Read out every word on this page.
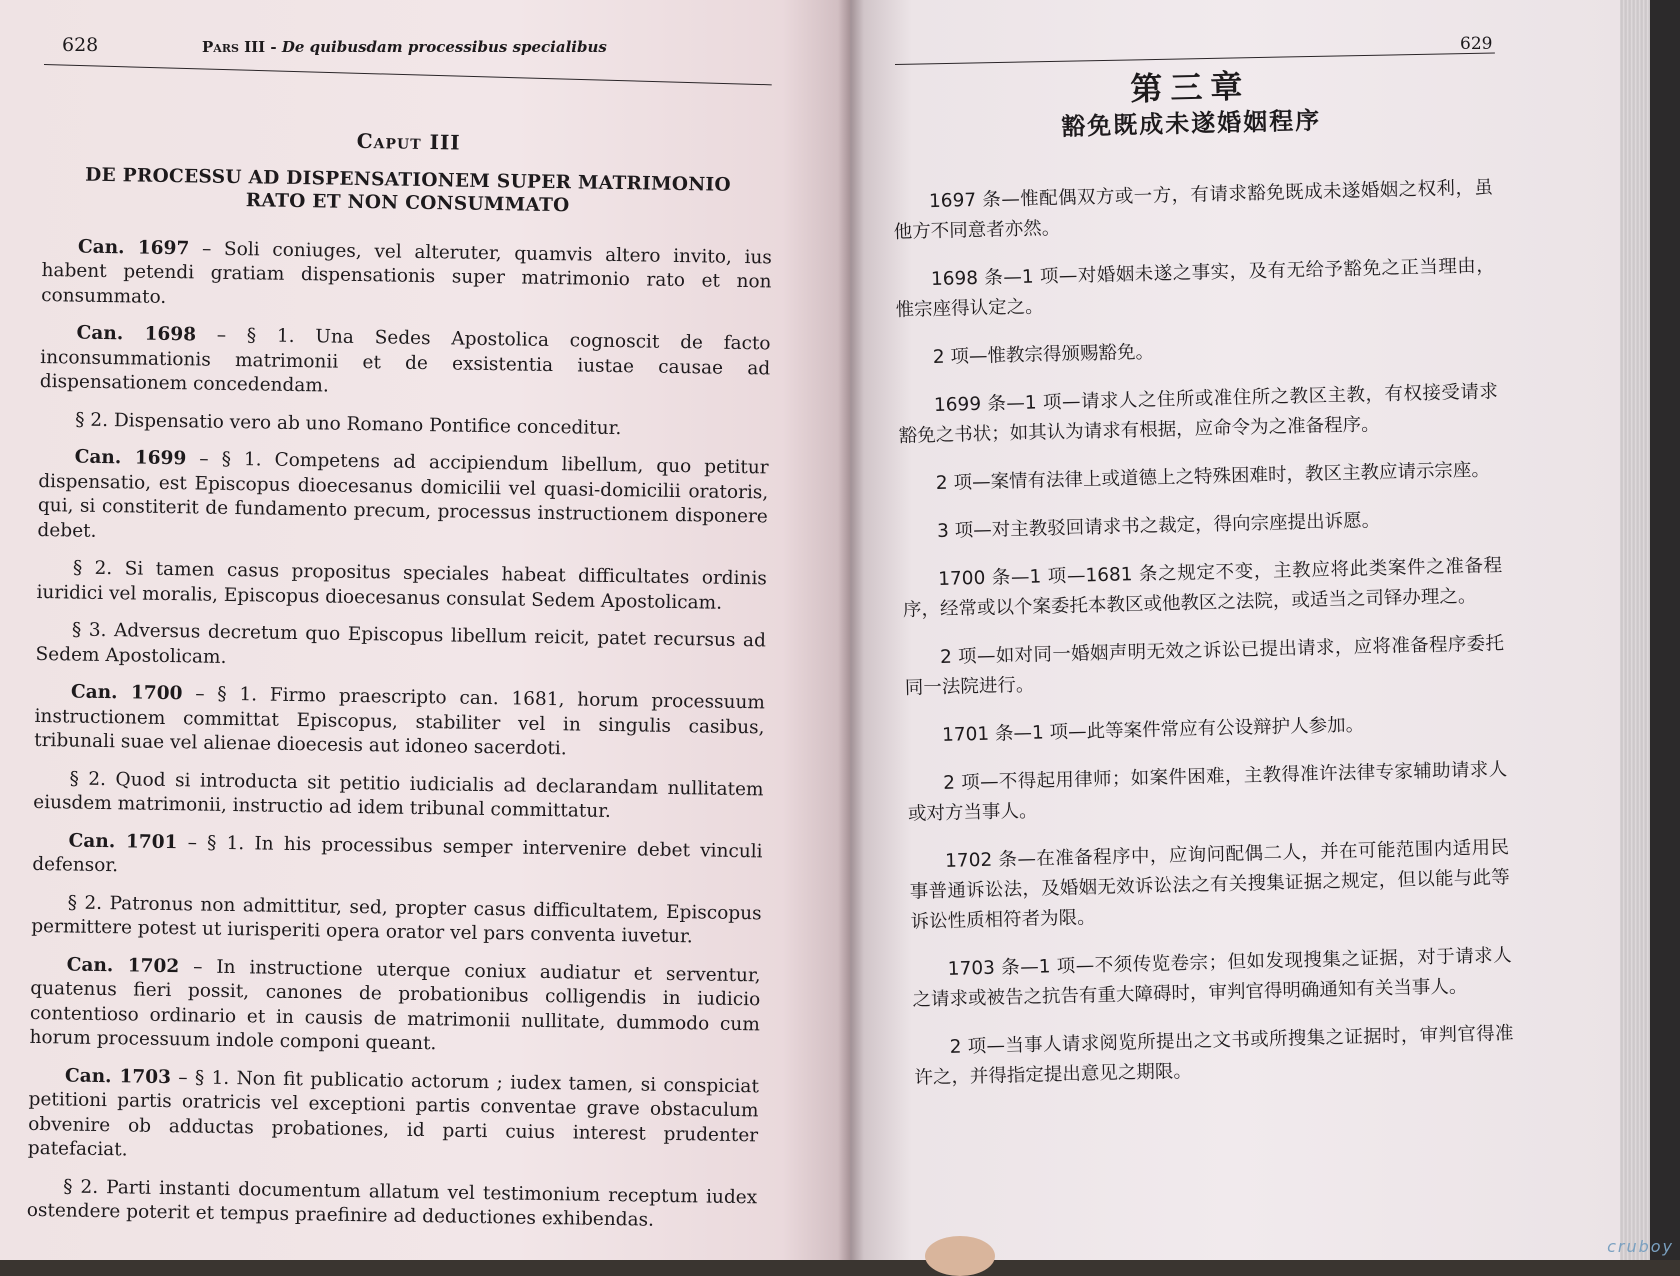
628	Pars III - De quibusdam processibus specialibus
Caput III
DE PROCESSU AD DISPENSATIONEM SUPER MATRIMONIO
RATO ET NON CONSUMMATO
Can. 1697 – Soli coniuges, vel alteruter, quamvis altero invito, ius habent petendi gratiam dispensationis super matrimonio rato et non consummato.
Can. 1698 – § 1. Una Sedes Apostolica cognoscit de facto inconsummationis matrimonii et de exsistentia iustae causae ad dispensationem concedendam.
§ 2. Dispensatio vero ab uno Romano Pontifice conceditur.
Can. 1699 – § 1. Competens ad accipiendum libellum, quo petitur dispensatio, est Episcopus dioecesanus domicilii vel quasi-domicilii oratoris, qui, si constiterit de fundamento precum, processus instructionem disponere debet.
§ 2. Si tamen casus propositus speciales habeat difficultates ordinis iuridici vel moralis, Episcopus dioecesanus consulat Sedem Apostolicam.
§ 3. Adversus decretum quo Episcopus libellum reicit, patet recursus ad Sedem Apostolicam.
Can. 1700 – § 1. Firmo praescripto can. 1681, horum processuum instructionem committat Episcopus, stabiliter vel in singulis casibus, tribunali suae vel alienae dioecesis aut idoneo sacerdoti.
§ 2. Quod si introducta sit petitio iudicialis ad declarandam nullitatem eiusdem matrimonii, instructio ad idem tribunal committatur.
Can. 1701 – § 1. In his processibus semper intervenire debet vinculi defensor.
§ 2. Patronus non admittitur, sed, propter casus difficultatem, Episcopus permittere potest ut iurisperiti opera orator vel pars conventa iuvetur.
Can. 1702 – In instructione uterque coniux audiatur et serventur, quatenus fieri possit, canones de probationibus colligendis in iudicio contentioso ordinario et in causis de matrimonii nullitate, dummodo cum horum processuum indole componi queant.
Can. 1703 – § 1. Non fit publicatio actorum ; iudex tamen, si conspiciat petitioni partis oratricis vel exceptioni partis conventae grave obstaculum obvenire ob adductas probationes, id parti cuius interest prudenter patefaciat.
§ 2. Parti instanti documentum allatum vel testimonium receptum iudex ostendere poterit et tempus praefinire ad deductiones exhibendas.
629
第三章
豁免既成未遂婚姻程序
1697 条—惟配偶双方或一方，有请求豁免既成未遂婚姻之权利，虽他方不同意者亦然。
1698 条—1 项—对婚姻未遂之事实，及有无给予豁免之正当理由，惟宗座得认定之。
2 项—惟教宗得颁赐豁免。
1699 条—1 项—请求人之住所或准住所之教区主教，有权接受请求豁免之书状；如其认为请求有根据，应命令为之准备程序。
2 项—案情有法律上或道德上之特殊困难时，教区主教应请示宗座。
3 项—对主教驳回请求书之裁定，得向宗座提出诉愿。
1700 条—1 项—1681 条之规定不变，主教应将此类案件之准备程序，经常或以个案委托本教区或他教区之法院，或适当之司铎办理之。
2 项—如对同一婚姻声明无效之诉讼已提出请求，应将准备程序委托同一法院进行。
1701 条—1 项—此等案件常应有公设辩护人参加。
2 项—不得起用律师；如案件困难，主教得准许法律专家辅助请求人或对方当事人。
1702 条—在准备程序中，应询问配偶二人，并在可能范围内适用民事普通诉讼法，及婚姻无效诉讼法之有关搜集证据之规定，但以能与此等诉讼性质相符者为限。
1703 条—1 项—不须传览卷宗；但如发现搜集之证据，对于请求人之请求或被告之抗告有重大障碍时，审判官得明确通知有关当事人。
2 项—当事人请求阅览所提出之文书或所搜集之证据时，审判官得准许之，并得指定提出意见之期限。
cruboy
